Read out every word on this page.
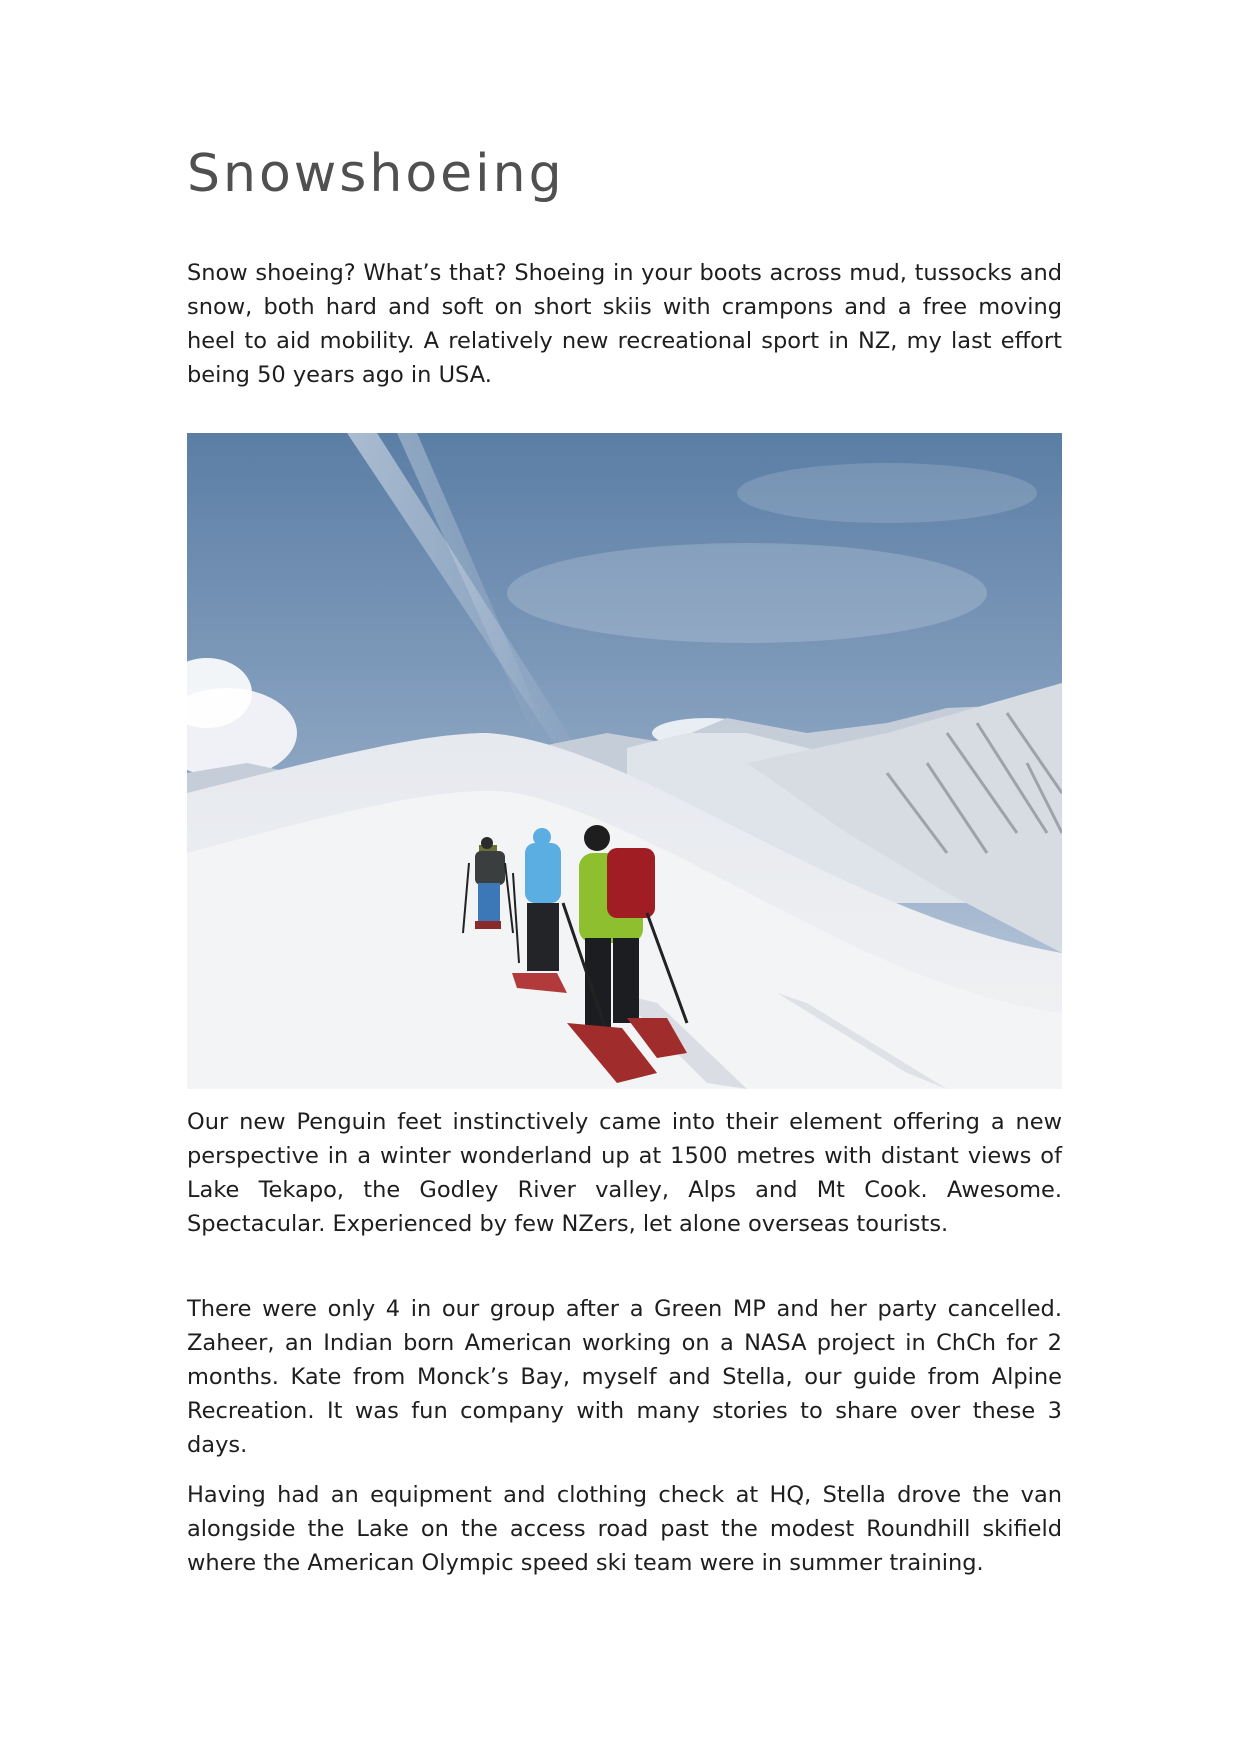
Snowshoeing

Snow shoeing? What’s that? Shoeing in your boots across mud, tussocks and snow, both hard and soft on short skiis with crampons and a free moving heel to aid mobility. A relatively new recreational sport in NZ, my last effort being 50 years ago in USA.

Our new Penguin feet instinctively came into their element offering a new perspective in a winter wonderland up at 1500 metres with distant views of Lake Tekapo, the Godley River valley, Alps and Mt Cook. Awesome. Spectacular. Experienced by few NZers, let alone overseas tourists.

There were only 4 in our group after a Green MP and her party cancelled. Zaheer, an Indian born American working on a NASA project in ChCh for 2 months. Kate from Monck’s Bay, myself and Stella, our guide from Alpine Recreation. It was fun company with many stories to share over these 3 days.

Having had an equipment and clothing check at HQ, Stella drove the van alongside the Lake on the access road past the modest Roundhill skifield where the American Olympic speed ski team were in summer training.
